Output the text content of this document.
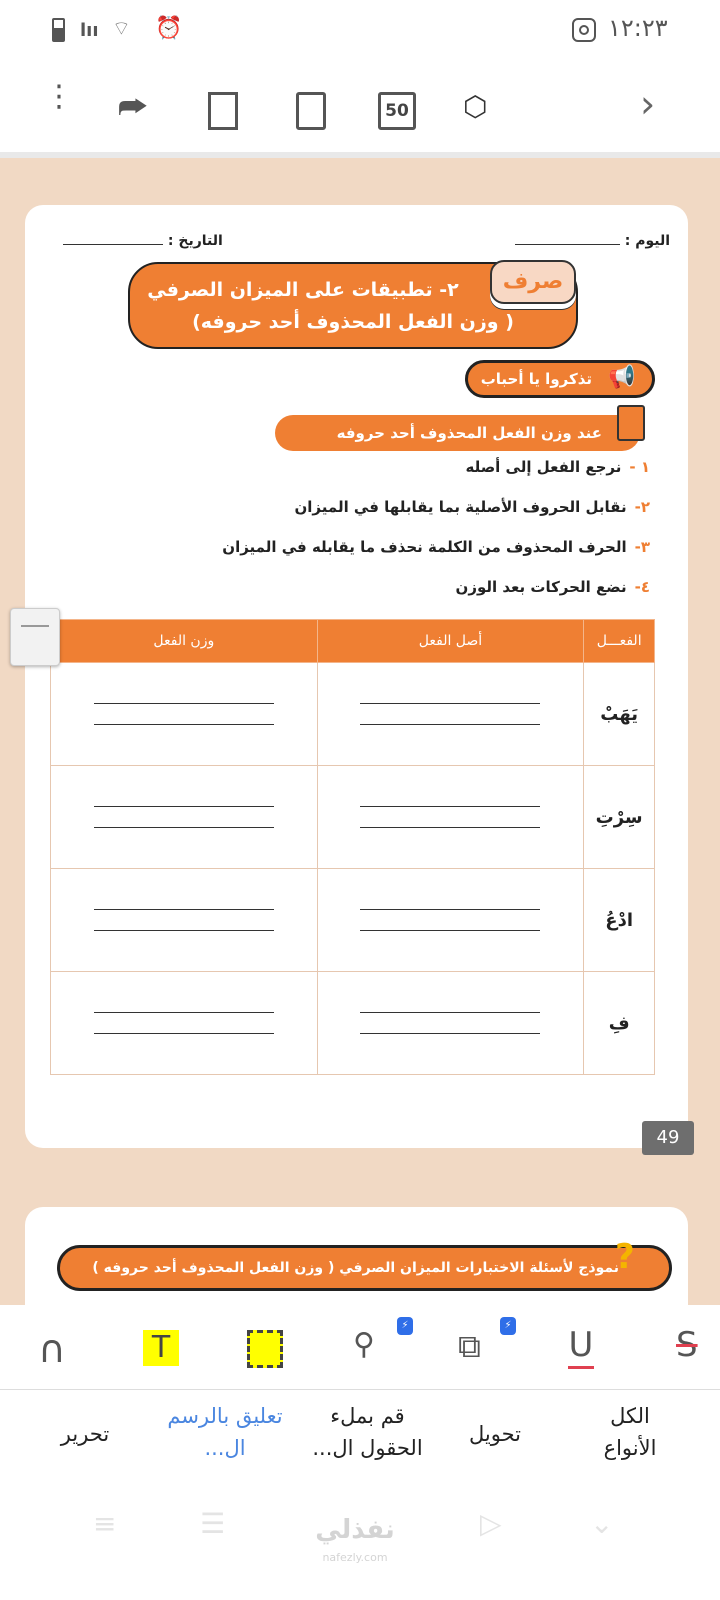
lıı ⌔ ⏰	١٢:٢٣
⋮ ⮫	50 ⬡	›
اليوم :
التاريخ :
٢- تطبيقات على الميزان الصرفي
( وزن الفعل المحذوف أحد حروفه)
صرف
تذكروا يا أحباب 📢
عند وزن الفعل المحذوف أحد حروفه
١ -نرجع الفعل إلى أصله
٢-نقابل الحروف الأصلية بما يقابلها في الميزان
٣-الحرف المحذوف من الكلمة نحذف ما يقابله في الميزان
٤-نضع الحركات بعد الوزن
الفعـــل	أصل الفعل	وزن الفعل
يَهَبْ	

سِرْتِ	

ادْعُ	

فِ	

49
نموذج لأسئلة الاختبارات الميزان الصرفي ( وزن الفعل المحذوف أحد حروفه )
?
∩	T	⚲
⚡
⧉
⚡ U S
تحرير
تعليق بالرسم ال...
قم بملء الحقول ال...
تحويل
الكل الأنواع
≡	☰	▷	⌄
نفذلي
nafezly.com
